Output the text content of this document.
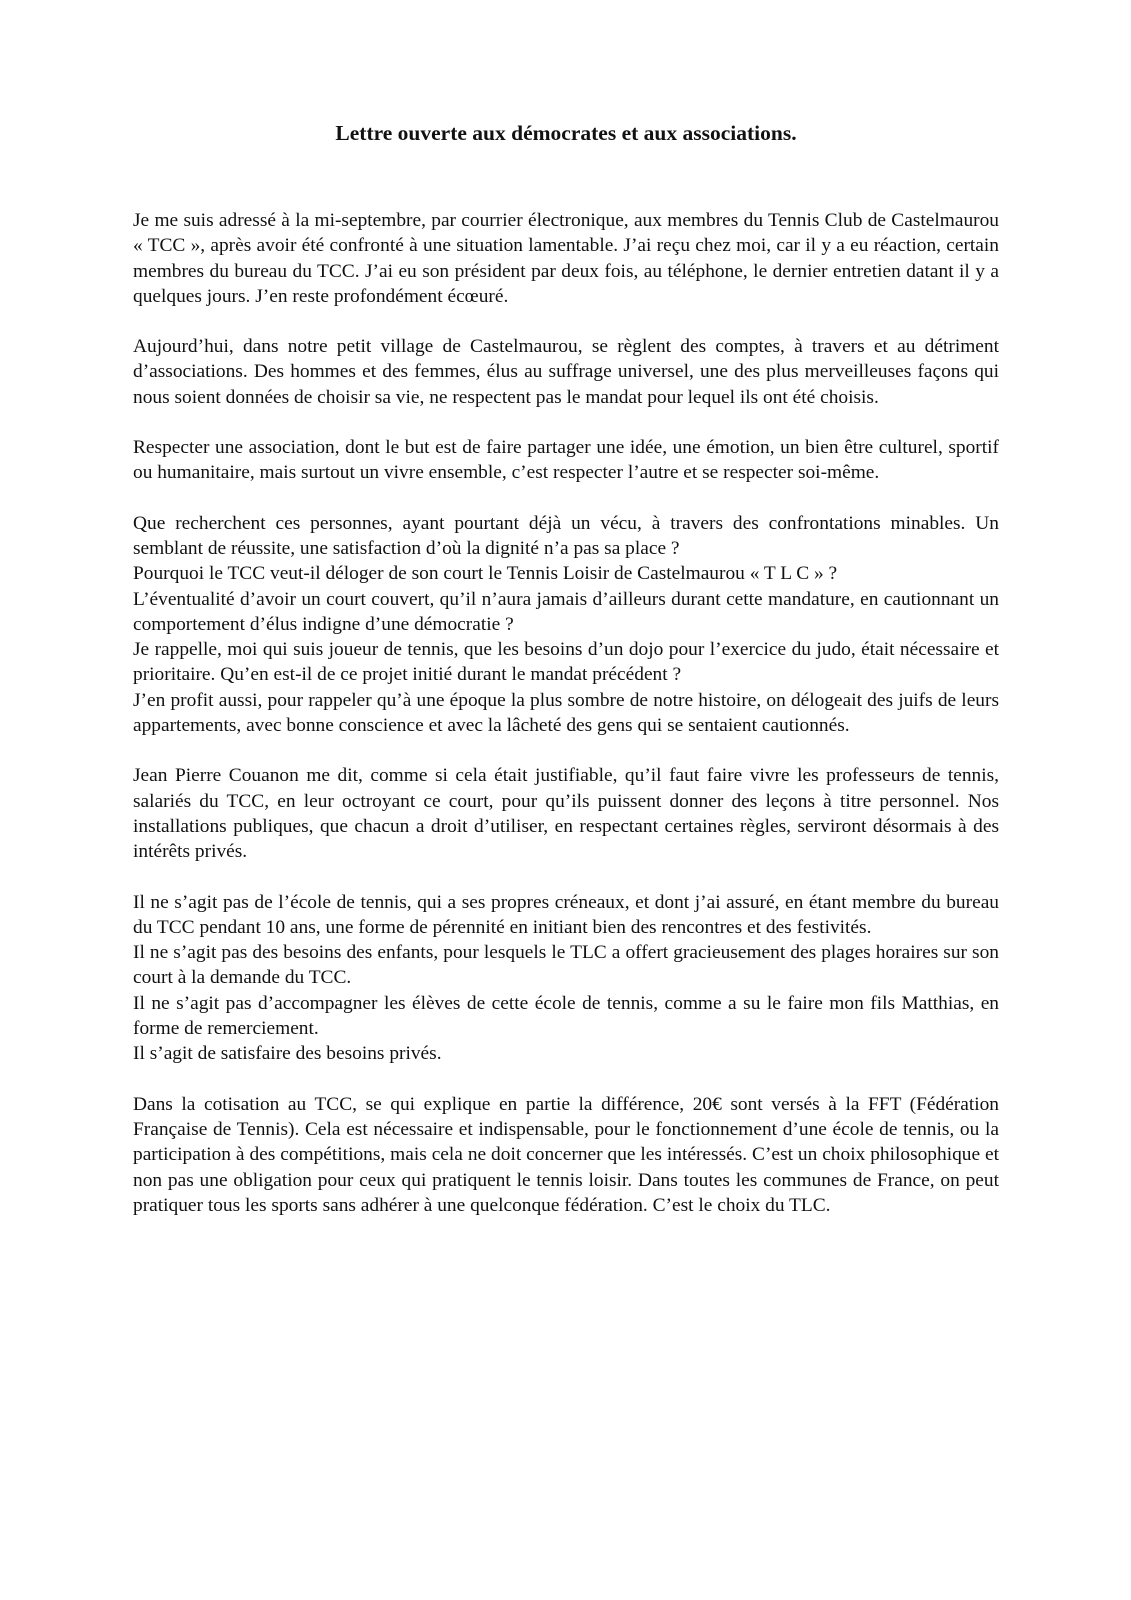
Lettre ouverte aux démocrates et aux associations.

Je me suis adressé à la mi-septembre, par courrier électronique, aux membres du Tennis Club de Castelmaurou « TCC », après avoir été confronté à une situation lamentable. J’ai reçu chez moi, car il y a eu réaction, certain membres du bureau du TCC. J’ai eu son président par deux fois, au téléphone, le dernier entretien datant il y a quelques jours. J’en reste profondément écœuré.

Aujourd’hui, dans notre petit village de Castelmaurou, se règlent des comptes, à travers et au détriment d’associations. Des hommes et des femmes, élus au suffrage universel, une des plus merveilleuses façons qui nous soient données de choisir sa vie, ne respectent pas le mandat pour lequel ils ont été choisis.

Respecter une association, dont le but est de faire partager une idée, une émotion, un bien être culturel, sportif ou humanitaire, mais surtout un vivre ensemble, c’est respecter l’autre et se respecter soi-même.

Que recherchent ces personnes, ayant pourtant déjà un vécu, à travers des confrontations minables. Un semblant de réussite, une satisfaction d’où la dignité n’a pas sa place ?

Pourquoi le TCC veut-il déloger de son court le Tennis Loisir de Castelmaurou « T L C » ?

L’éventualité d’avoir un court couvert, qu’il n’aura jamais d’ailleurs durant cette mandature, en cautionnant un comportement d’élus indigne d’une démocratie ?

Je rappelle, moi qui suis joueur de tennis, que les besoins d’un dojo pour l’exercice du judo, était nécessaire et prioritaire. Qu’en est-il de ce projet initié durant le mandat précédent ?

J’en profit aussi, pour rappeler qu’à une époque la plus sombre de notre histoire, on délogeait des juifs de leurs appartements, avec bonne conscience et avec la lâcheté des gens qui se sentaient cautionnés.

Jean Pierre Couanon me dit, comme si cela était justifiable, qu’il faut faire vivre les professeurs de tennis, salariés du TCC, en leur octroyant ce court, pour qu’ils puissent donner des leçons à titre personnel. Nos installations publiques, que chacun a droit d’utiliser, en respectant certaines règles, serviront désormais à des intérêts privés.

Il ne s’agit pas de l’école de tennis, qui a ses propres créneaux, et dont j’ai assuré, en étant membre du bureau du TCC pendant 10 ans, une forme de pérennité en initiant bien des rencontres et des festivités.

Il ne s’agit pas des besoins des enfants, pour lesquels le TLC a offert gracieusement des plages horaires sur son court à la demande du TCC.

Il ne s’agit pas d’accompagner les élèves de cette école de tennis, comme a su le faire mon fils Matthias, en forme de remerciement.

Il s’agit de satisfaire des besoins privés.

Dans la cotisation au TCC, se qui explique en partie la différence, 20€ sont versés à la FFT (Fédération Française de Tennis). Cela est nécessaire et indispensable, pour le fonctionnement d’une école de tennis, ou la participation à des compétitions, mais cela ne doit concerner que les intéressés. C’est un choix philosophique et non pas une obligation pour ceux qui pratiquent le tennis loisir. Dans toutes les communes de France, on peut pratiquer tous les sports sans adhérer à une quelconque fédération. C’est le choix du TLC.
